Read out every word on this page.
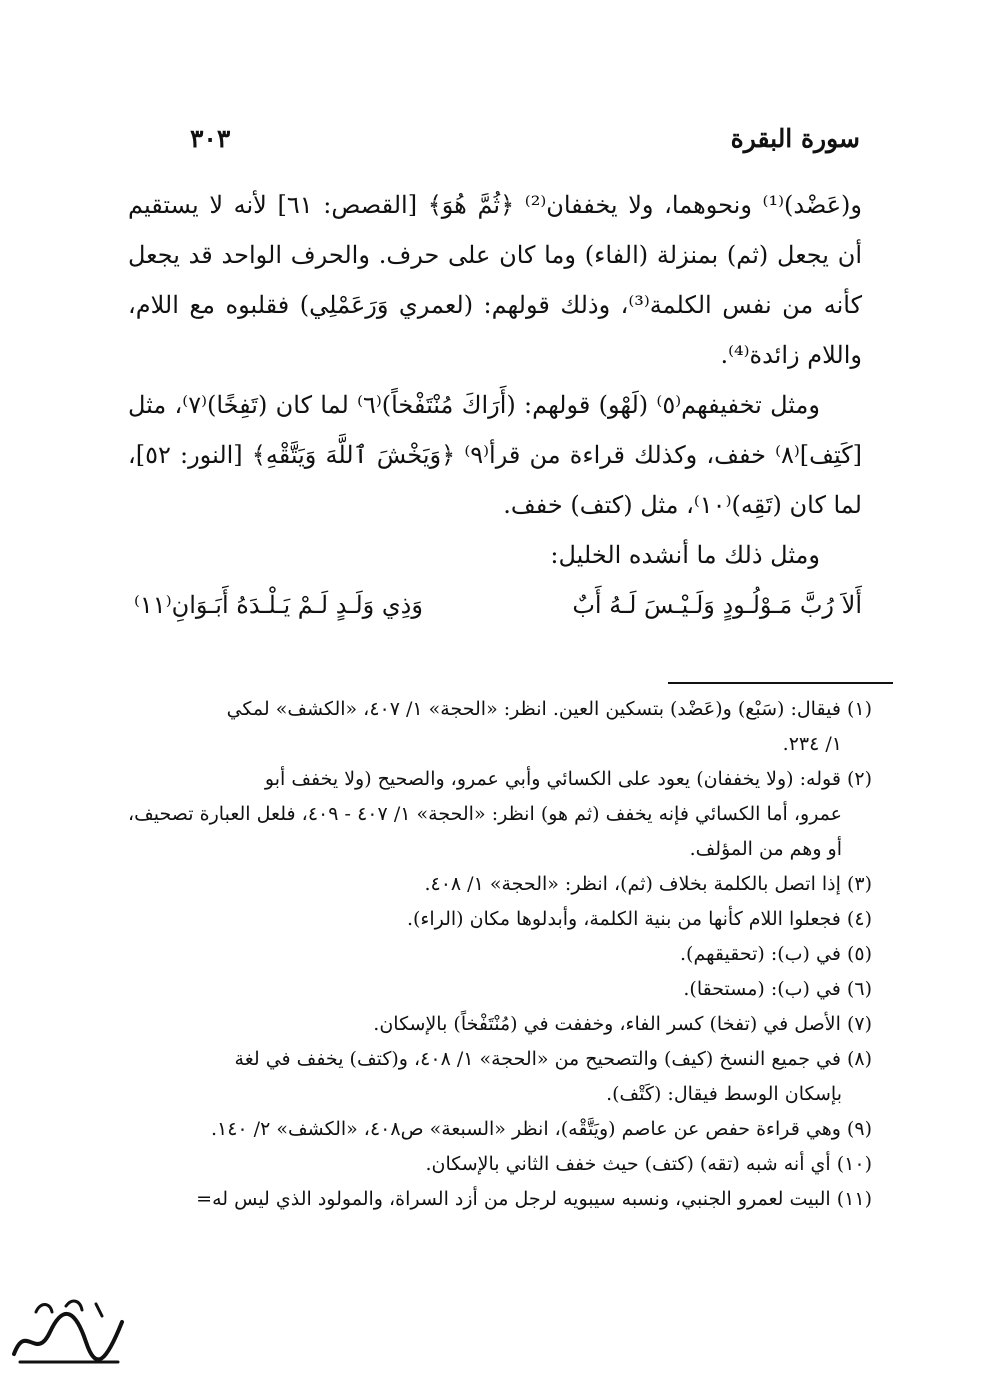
٣٠٣	سورة البقرة

و(عَضْد)⁽¹⁾ ونحوهما، ولا يخففان⁽²⁾ ﴿ثُمَّ هُوَ﴾ [القصص: ٦١] لأنه لا يستقيم أن يجعل (ثم) بمنزلة (الفاء) وما كان على حرف. والحرف الواحد قد يجعل كأنه من نفس الكلمة⁽³⁾، وذلك قولهم: (لعمري وَرَعَمْلِي) فقلبوه مع اللام، واللام زائدة⁽⁴⁾.

ومثل تخفيفهم⁽٥⁾ (لَهْو) قولهم: (أَرَاكَ مُنْتَفْخاً)⁽٦⁾ لما كان (تَفِخًا)⁽٧⁾، مثل [كَتِف]⁽٨⁾ خفف، وكذلك قراءة من قرأ⁽٩⁾ ﴿وَيَخْشَ ٱللَّهَ وَيَتَّقْهِ﴾ [النور: ٥٢]، لما كان (تَقِه)⁽١٠⁾، مثل (كتف) خفف.

ومثل ذلك ما أنشده الخليل:

أَلاَ رُبَّ مَـوْلُـودٍ وَلَـيْـسَ لَـهُ أَبٌ
وَذِي وَلَـدٍ لَـمْ يَـلْـدَهُ أَبَـوَانِ⁽١١⁾

(١) فيقال: (سَبْع) و(عَضْد) بتسكين العين. انظر: «الحجة» ١/ ٤٠٧، «الكشف» لمكي
١/ ٢٣٤.

(٢) قوله: (ولا يخففان) يعود على الكسائي وأبي عمرو، والصحيح (ولا يخفف أبو
عمرو، أما الكسائي فإنه يخفف (ثم هو) انظر: «الحجة» ١/ ٤٠٧ - ٤٠٩، فلعل العبارة تصحيف، أو وهم من المؤلف.

(٣) إذا اتصل بالكلمة بخلاف (ثم)، انظر: «الحجة» ١/ ٤٠٨.

(٤) فجعلوا اللام كأنها من بنية الكلمة، وأبدلوها مكان (الراء).

(٥) في (ب): (تحقيقهم).

(٦) في (ب): (مستحقا).

(٧) الأصل في (تفخا) كسر الفاء، وخففت في (مُنْتَفْخاً) بالإسكان.

(٨) في جميع النسخ (كيف) والتصحيح من «الحجة» ١/ ٤٠٨، و(كتف) يخفف في لغة
بإسكان الوسط فيقال: (كَتْف).

(٩) وهي قراءة حفص عن عاصم (ويَتَّقْه)، انظر «السبعة» ص٤٠٨، «الكشف» ٢/ ١٤٠.

(١٠) أي أنه شبه (تقه) (كتف) حيث خفف الثاني بالإسكان.

(١١) البيت لعمرو الجنبي، ونسبه سيبويه لرجل من أزد السراة، والمولود الذي ليس له=
